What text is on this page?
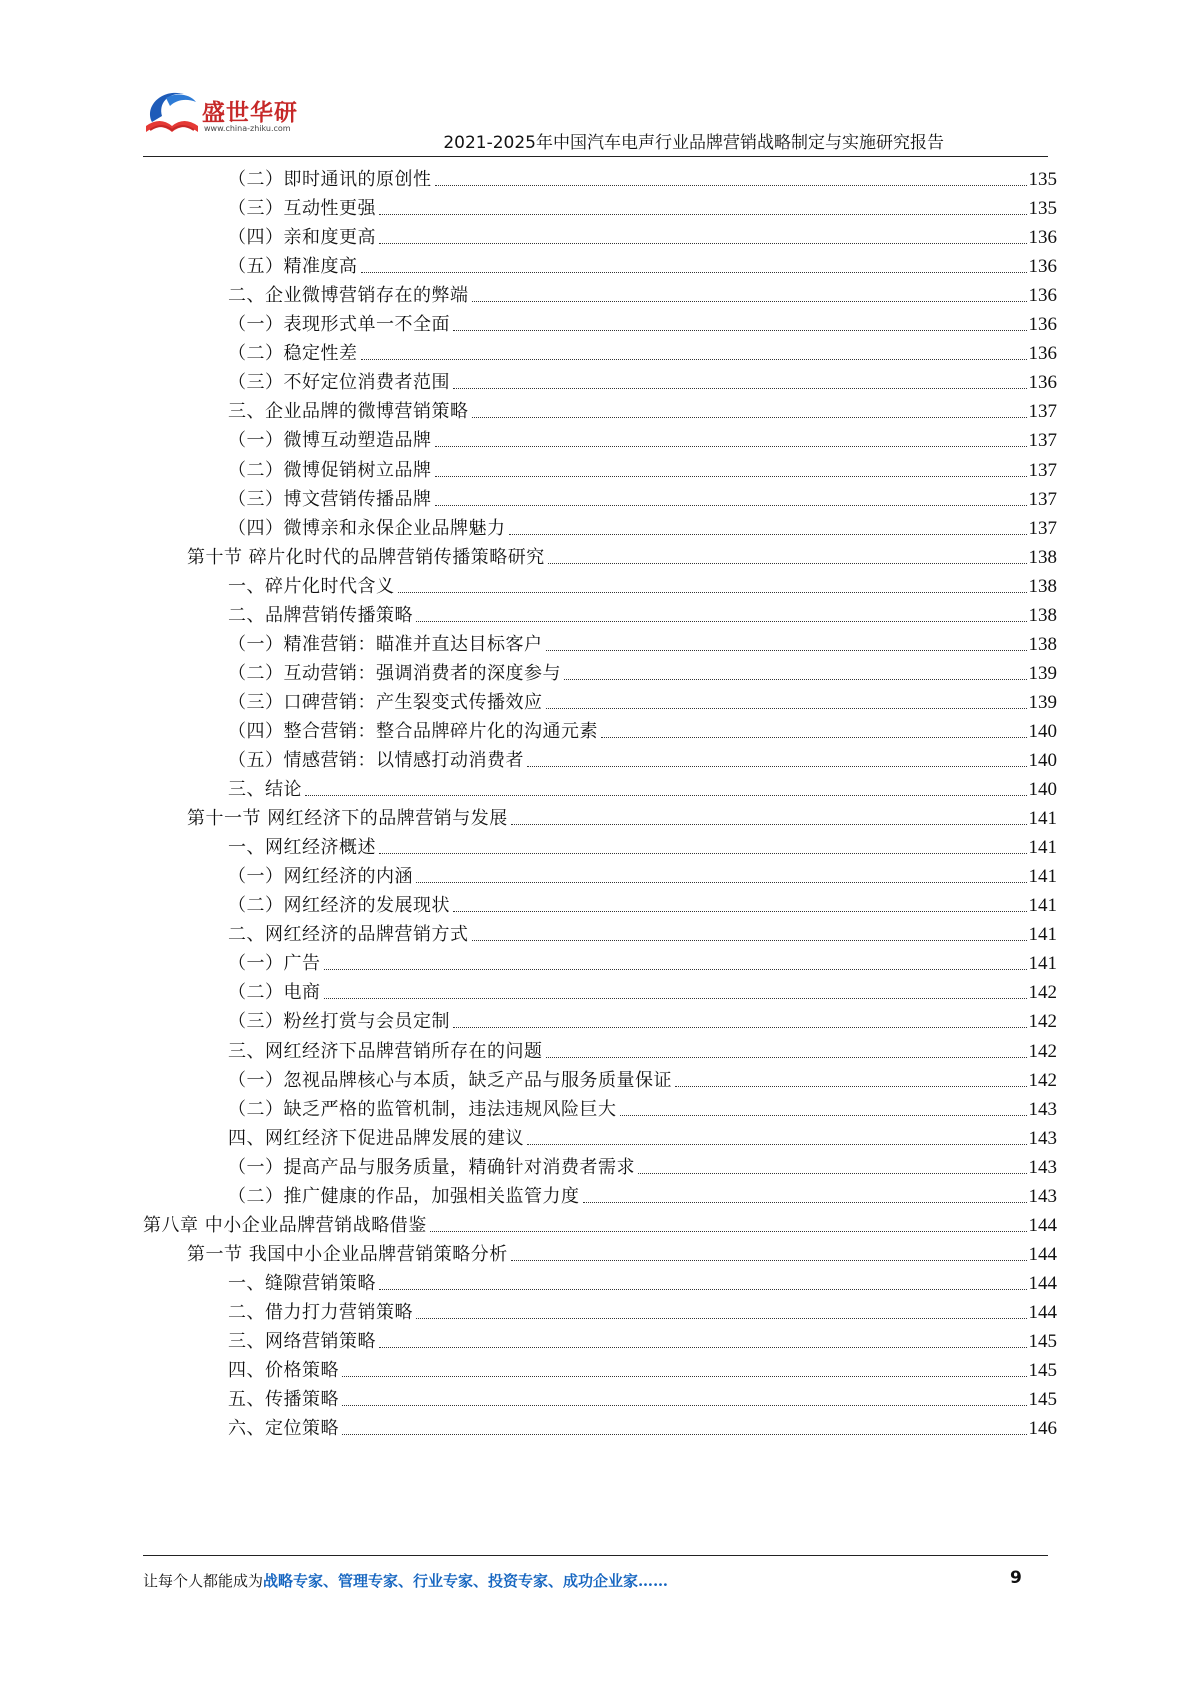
盛世华研
www.china-zhiku.com
2021-2025年中国汽车电声行业品牌营销战略制定与实施研究报告
（二）即时通讯的原创性	135
（三）互动性更强	135
（四）亲和度更高	136
（五）精准度高	136
二、企业微博营销存在的弊端	136
（一）表现形式单一不全面	136
（二）稳定性差	136
（三）不好定位消费者范围	136
三、企业品牌的微博营销策略	137
（一）微博互动塑造品牌	137
（二）微博促销树立品牌	137
（三）博文营销传播品牌	137
（四）微博亲和永保企业品牌魅力	137
第十节 碎片化时代的品牌营销传播策略研究	138
一、碎片化时代含义	138
二、品牌营销传播策略	138
（一）精准营销：瞄准并直达目标客户	138
（二）互动营销：强调消费者的深度参与	139
（三）口碑营销：产生裂变式传播效应	139
（四）整合营销：整合品牌碎片化的沟通元素	140
（五）情感营销：以情感打动消费者	140
三、结论	140
第十一节 网红经济下的品牌营销与发展	141
一、网红经济概述	141
（一）网红经济的内涵	141
（二）网红经济的发展现状	141
二、网红经济的品牌营销方式	141
（一）广告	141
（二）电商	142
（三）粉丝打赏与会员定制	142
三、网红经济下品牌营销所存在的问题	142
（一）忽视品牌核心与本质，缺乏产品与服务质量保证	142
（二）缺乏严格的监管机制，违法违规风险巨大	143
四、网红经济下促进品牌发展的建议	143
（一）提高产品与服务质量，精确针对消费者需求	143
（二）推广健康的作品，加强相关监管力度	143
第八章 中小企业品牌营销战略借鉴	144
第一节 我国中小企业品牌营销策略分析	144
一、缝隙营销策略	144
二、借力打力营销策略	144
三、网络营销策略	145
四、价格策略	145
五、传播策略	145
六、定位策略	146
让每个人都能成为战略专家、管理专家、行业专家、投资专家、成功企业家……	9
